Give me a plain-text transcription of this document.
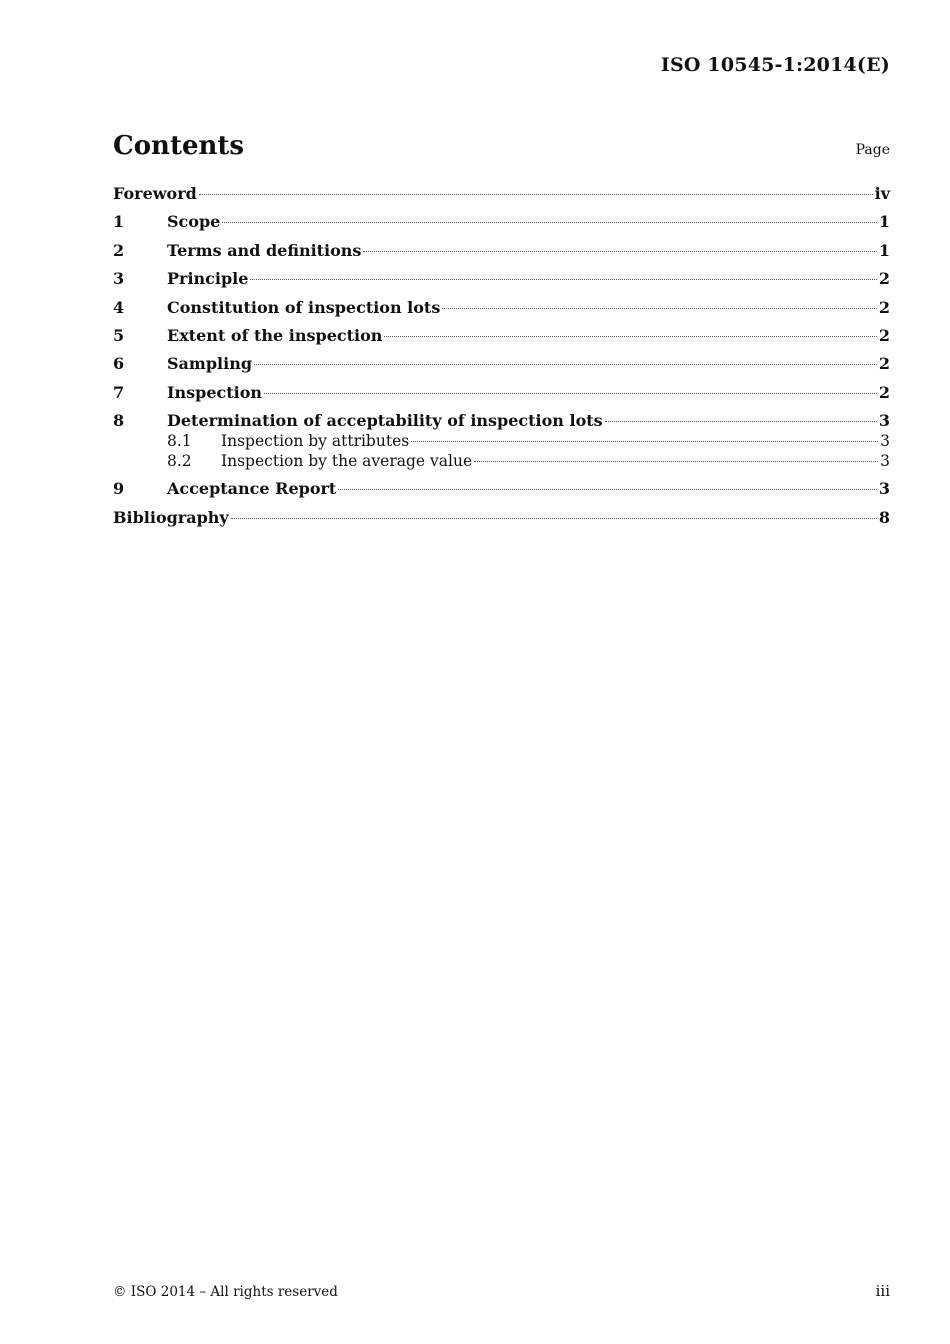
ISO 10545-1:2014(E)
Contents	Page
Foreword	iv
1	Scope	1
2	Terms and definitions	1
3	Principle	2
4	Constitution of inspection lots	2
5	Extent of the inspection	2
6	Sampling	2
7	Inspection	2
8	Determination of acceptability of inspection lots	3
8.1	Inspection by attributes	3
8.2	Inspection by the average value	3
9	Acceptance Report	3
Bibliography	8
© ISO 2014 – All rights reserved	iii
